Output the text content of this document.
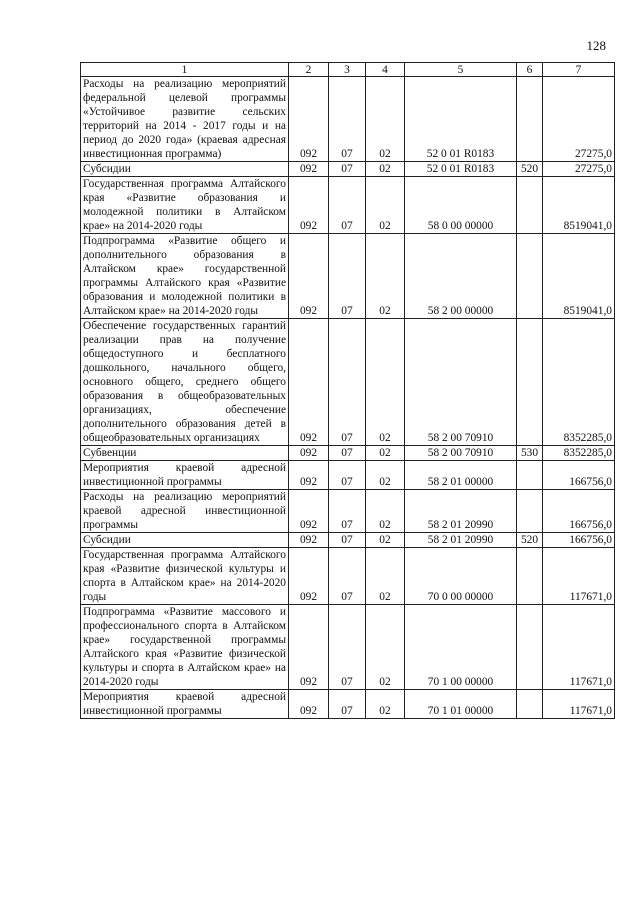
128
1	2	3	4	5	6	7
Расходы на реализацию мероприятий федеральной целевой программы «Устойчивое развитие сельских территорий на 2014 - 2017 годы и на период до 2020 года» (краевая адресная инвестиционная программа)	092	07	02	52 0 01 R0183		27275,0
Субсидии	092	07	02	52 0 01 R0183	520	27275,0
Государственная программа Алтайского края «Развитие образования и молодежной политики в Алтайском крае» на 2014-2020 годы	092	07	02	58 0 00 00000		8519041,0
Подпрограмма «Развитие общего и дополнительного образования в Алтайском крае» государственной программы Алтайского края «Развитие образования и молодежной политики в Алтайском крае» на 2014-2020 годы	092	07	02	58 2 00 00000		8519041,0
Обеспечение государственных гарантий реализации прав на получение общедоступного и бесплатного дошкольного, начального общего, основного общего, среднего общего образования в общеобразовательных организациях, обеспечение дополнительного образования детей в общеобразовательных организациях	092	07	02	58 2 00 70910		8352285,0
Субвенции	092	07	02	58 2 00 70910	530	8352285,0
Мероприятия краевой адресной инвестиционной программы	092	07	02	58 2 01 00000		166756,0
Расходы на реализацию мероприятий краевой адресной инвестиционной программы	092	07	02	58 2 01 20990		166756,0
Субсидии	092	07	02	58 2 01 20990	520	166756,0
Государственная программа Алтайского края «Развитие физической культуры и спорта в Алтайском крае» на 2014-2020 годы	092	07	02	70 0 00 00000		117671,0
Подпрограмма «Развитие массового и профессионального спорта в Алтайском крае» государственной программы Алтайского края «Развитие физической культуры и спорта в Алтайском крае» на 2014-2020 годы	092	07	02	70 1 00 00000		117671,0
Мероприятия краевой адресной инвестиционной программы	092	07	02	70 1 01 00000		117671,0
